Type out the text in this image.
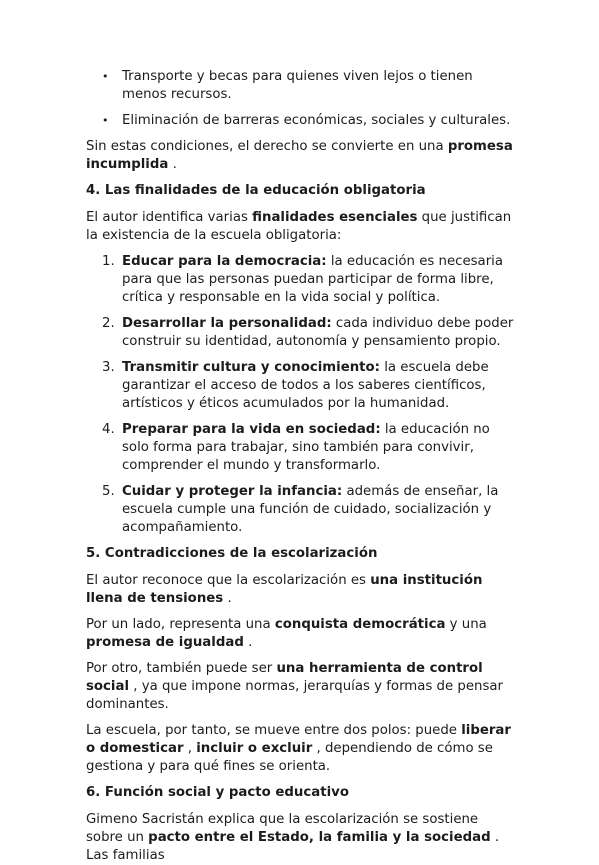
• Transporte y becas para quienes viven lejos o tienen menos recursos.
• Eliminación de barreras económicas, sociales y culturales.

Sin estas condiciones, el derecho se convierte en una promesa incumplida .

4. Las finalidades de la educación obligatoria

El autor identifica varias finalidades esenciales que justifican la existencia de la escuela obligatoria:

1. Educar para la democracia: la educación es necesaria para que las personas puedan participar de forma libre, crítica y responsable en la vida social y política.
2. Desarrollar la personalidad: cada individuo debe poder construir su identidad, autonomía y pensamiento propio.
3. Transmitir cultura y conocimiento: la escuela debe garantizar el acceso de todos a los saberes científicos, artísticos y éticos acumulados por la humanidad.
4. Preparar para la vida en sociedad: la educación no solo forma para trabajar, sino también para convivir, comprender el mundo y transformarlo.
5. Cuidar y proteger la infancia: además de enseñar, la escuela cumple una función de cuidado, socialización y acompañamiento.
5. Contradicciones de la escolarización

El autor reconoce que la escolarización es una institución llena de tensiones .

Por un lado, representa una conquista democrática y una promesa de igualdad .

Por otro, también puede ser una herramienta de control social , ya que impone normas, jerarquías y formas de pensar dominantes.

La escuela, por tanto, se mueve entre dos polos: puede liberar o domesticar , incluir o excluir , dependiendo de cómo se gestiona y para qué fines se orienta.

6. Función social y pacto educativo

Gimeno Sacristán explica que la escolarización se sostiene sobre un pacto entre el Estado, la familia y la sociedad . Las familias
